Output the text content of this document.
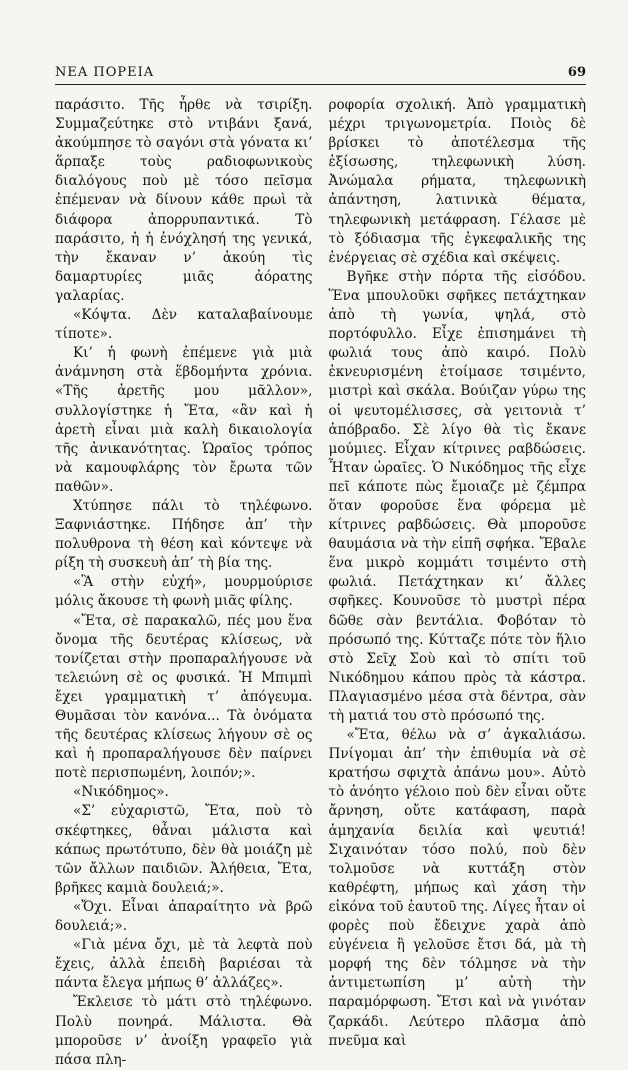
ΝΕΑ ΠΟΡΕΙΑ	69

παράσιτο. Τῆς ἦρθε νὰ τσιρίξη. Συμμαζεύτηκε στὸ ντιβάνι ξανά, ἀκούμπησε τὸ σαγόνι στὰ γόνατα κι’ ἅρπαξε τοὺς ραδιοφωνικοὺς διαλόγους ποὺ μὲ τόσο πεῖσμα ἐπέμεναν νὰ δίνουν κάθε πρωὶ τὰ διάφορα ἀπορρυπαντικά. Τὸ παράσιτο, ἡ ἡ ἐνόχλησή της γενικά, τὴν ἔκαναν ν’ ἀκούη τὶς δαμαρτυρίες μιᾶς ἀόρατης γαλαρίας.

«Κόψτα. Δὲν καταλαβαίνουμε τίποτε».

Κι’ ἡ φωνὴ ἐπέμενε γιὰ μιὰ ἀνάμνηση στὰ ἕβδομήντα χρόνια. «Τῆς ἀρετῆς μου μᾶλλον», συλλογίστηκε ἡ Ἔτα, «ἂν καὶ ἡ ἀρετὴ εἶναι μιὰ καλὴ δικαιολογία τῆς ἀνικανότητας. Ὡραῖος τρόπος νὰ καμουφλάρης τὸν ἔρωτα τῶν παθῶν».

Χτύπησε πάλι τὸ τηλέφωνο. Ξαφνιάστηκε. Πήδησε ἀπ’ τὴν πολυθρονα τὴ θέση καὶ κόντεψε νὰ ρίξη τὴ συσκευὴ ἀπ’ τὴ βία της.

«Ἃ στὴν εὐχή», μουρμούρισε μόλις ἄκουσε τὴ φωνὴ μιᾶς φίλης.

«Ἔτα, σὲ παρακαλῶ, πές μου ἕνα ὄνομα τῆς δευτέρας κλίσεως, νὰ τονίζεται στὴν προπαραλήγουσε νὰ τελειώνη σὲ ος φυσικά. Ἡ Μπιμπὶ ἔχει γραμματικὴ τ’ ἀπόγευμα. Θυμᾶσαι τὸν κανόνα... Τὰ ὀνόματα τῆς δευτέρας κλίσεως λήγουν σὲ ος καὶ ἡ προπαραλήγουσε δὲν παίρνει ποτὲ περισπωμένη, λοιπόν;».

«Νικόδημος».

«Σ’ εὐχαριστῶ, Ἔτα, ποὺ τὸ σκέφτηκες, θἆναι μάλιστα καὶ κάπως πρωτότυπο, δὲν θὰ μοιάζη μὲ τῶν ἄλλων παιδιῶν. Ἀλήθεια, Ἔτα, βρῆκες καμιὰ δουλειά;».

«Ὄχι. Εἶναι ἀπαραίτητο νὰ βρῶ δουλειά;».

«Γιὰ μένα ὄχι, μὲ τὰ λεφτὰ ποὺ ἔχεις, ἀλλὰ ἐπειδὴ βαριέσαι τὰ πάντα ἔλεγα μήπως θ’ ἀλλάζες».

Ἔκλεισε τὸ μάτι στὸ τηλέφωνο. Πολὺ πονηρά. Μάλιστα. Θὰ μποροῦσε ν’ ἀνοίξη γραφεῖο γιὰ πάσα πλη-

ροφορία σχολική. Ἀπὸ γραμματικὴ μέχρι τριγωνομετρία. Ποιὸς δὲ βρίσκει τὸ ἀποτέλεσμα τῆς ἐξίσωσης, τηλεφωνικὴ λύση. Ἀνώμαλα ρήματα, τηλεφωνικὴ ἀπάντηση, λατινικὰ θέματα, τηλεφωνικὴ μετάφραση. Γέλασε μὲ τὸ ξόδιασμα τῆς ἐγκεφαλικῆς της ἐνέργειας σὲ σχέδια καὶ σκέψεις.

Βγῆκε στὴν πόρτα τῆς εἰσόδου. Ἕνα μπουλοῦκι σφῆκες πετάχτηκαν ἀπὸ τὴ γωνία, ψηλά, στὸ πορτόφυλλο. Εἶχε ἐπισημάνει τὴ φωλιά τους ἀπὸ καιρό. Πολὺ ἐκνευρισμένη ἑτοίμασε τσιμέντο, μιστρὶ καὶ σκάλα. Βούιζαν γύρω της οἱ ψευτομέλισσες, σὰ γειτονιὰ τ’ ἀπόβραδο. Σὲ λίγο θὰ τὶς ἔκανε μούμιες. Εἶχαν κίτρινες ραβδώσεις. Ἦταν ὡραῖες. Ὁ Νικόδημος τῆς εἶχε πεῖ κάποτε πὼς ἔμοιαζε μὲ ζέμπρα ὅταν φοροῦσε ἕνα φόρεμα μὲ κίτρινες ραβδώσεις. Θὰ μποροῦσε θαυμάσια νὰ τὴν εἰπῆ σφήκα. Ἔβαλε ἕνα μικρὸ κομμάτι τσιμέντο στὴ φωλιά. Πετάχτηκαν κι’ ἄλλες σφῆκες. Κουνοῦσε τὸ μυστρὶ πέρα δῶθε σὰν βεντάλια. Φοβόταν τὸ πρόσωπό της. Κύτταζε πότε τὸν ἥλιο στὸ Σεῖχ Σοὺ καὶ τὸ σπίτι τοῦ Νικόδημου κάπου πρὸς τὰ κάστρα. Πλαγιασμένο μέσα στὰ δέντρα, σὰν τὴ ματιά του στὸ πρόσωπό της.

«Ἔτα, θέλω νὰ σ’ ἀγκαλιάσω. Πνίγομαι ἀπ’ τὴν ἐπιθυμία νὰ σὲ κρατήσω σφιχτὰ ἀπάνω μου». Αὐτὸ τὸ ἀνόητο γέλοιο ποὺ δὲν εἶναι οὔτε ἄρνηση, οὔτε κατάφαση, παρὰ ἀμηχανία δειλία καὶ ψευτιά! Σιχαινόταν τόσο πολύ, ποὺ δὲν τολμοῦσε νὰ κυττάξη στὸν καθρέφτη, μήπως καὶ χάση τὴν εἰκόνα τοῦ ἑαυτοῦ της. Λίγες ἦταν οἱ φορὲς ποὺ ἔδειχνε χαρὰ ἀπὸ εὐγένεια ἢ γελοῦσε ἔτσι δά, μὰ τὴ μορφή της δὲν τόλμησε νὰ τὴν ἀντιμετωπίση μ’ αὐτὴ τὴν παραμόρφωση. Ἔτσι καὶ νὰ γινόταν ζαρκάδι. Λεύτερο πλᾶσμα ἀπὸ πνεῦμα καὶ
